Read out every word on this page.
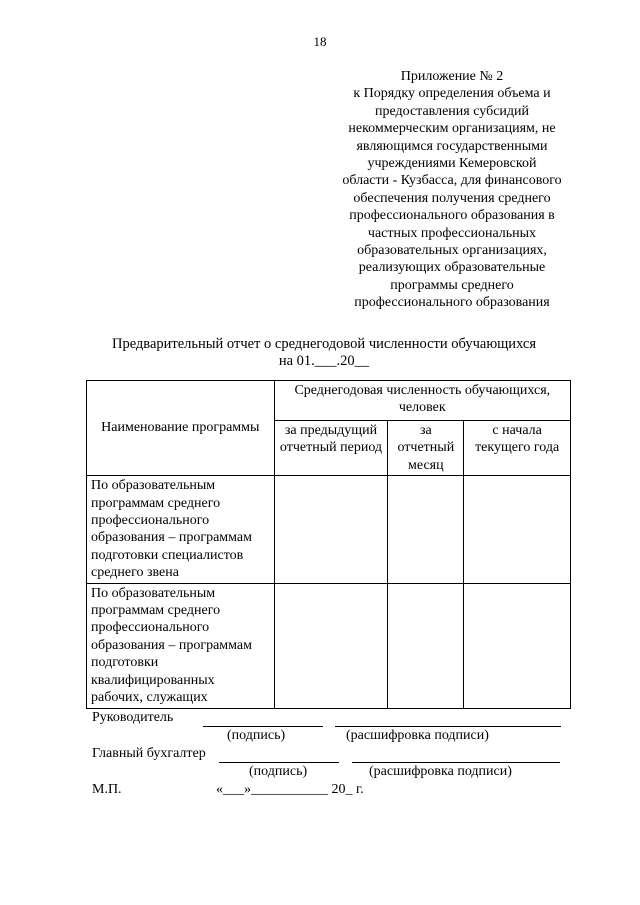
18
Приложение № 2
к Порядку определения объема и
предоставления субсидий
некоммерческим организациям, не
являющимся государственными
учреждениями Кемеровской
области - Кузбасса, для финансового
обеспечения получения среднего
профессионального образования в
частных профессиональных
образовательных организациях,
реализующих образовательные
программы среднего
профессионального образования
Предварительный отчет о среднегодовой численности обучающихся
на 01.___.20__
Наименование программы	Среднегодовая численность обучающихся, человек		
	за предыдущий отчетный период	за отчетный месяц	с начала текущего года
По образовательным программам среднего профессионального образования – программам подготовки специалистов среднего звена			
По образовательным программам среднего профессионального образования – программам подготовки квалифицированных рабочих, служащих			
Руководитель
(подпись)	(расшифровка подписи)
Главный бухгалтер
(подпись)	(расшифровка подписи)
М.П.	«___»___________ 20_ г.
